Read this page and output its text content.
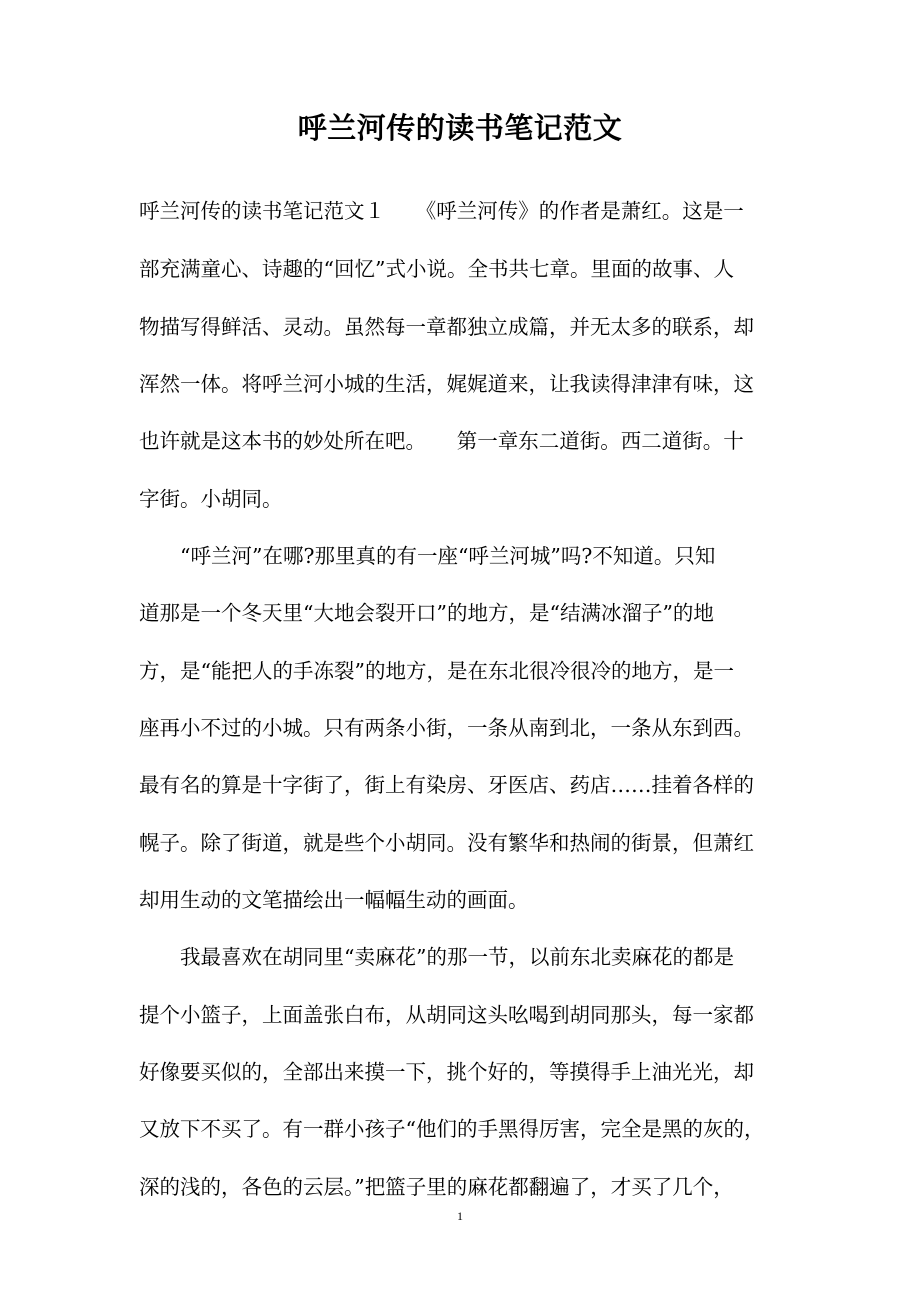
呼兰河传的读书笔记范文
呼兰河传的读书笔记范文１　　《呼兰河传》的作者是萧红。这是一
部充满童心、诗趣的“回忆”式小说。全书共七章。里面的故事、人
物描写得鲜活、灵动。虽然每一章都独立成篇，并无太多的联系，却
浑然一体。将呼兰河小城的生活，娓娓道来，让我读得津津有味，这
也许就是这本书的妙处所在吧。　　第一章东二道街。西二道街。十
字街。小胡同。
　　“呼兰河”在哪?那里真的有一座“呼兰河城”吗?不知道。只知
道那是一个冬天里“大地会裂开口”的地方，是“结满冰溜子”的地
方，是“能把人的手冻裂”的地方，是在东北很冷很冷的地方，是一
座再小不过的小城。只有两条小街，一条从南到北，一条从东到西。
最有名的算是十字街了，街上有染房、牙医店、药店……挂着各样的
幌子。除了街道，就是些个小胡同。没有繁华和热闹的街景，但萧红
却用生动的文笔描绘出一幅幅生动的画面。
　　我最喜欢在胡同里“卖麻花”的那一节，以前东北卖麻花的都是
提个小篮子，上面盖张白布，从胡同这头吆喝到胡同那头，每一家都
好像要买似的，全部出来摸一下，挑个好的，等摸得手上油光光，却
又放下不买了。有一群小孩子“他们的手黑得厉害，完全是黑的灰的，
深的浅的，各色的云层。”把篮子里的麻花都翻遍了，才买了几个，
1
